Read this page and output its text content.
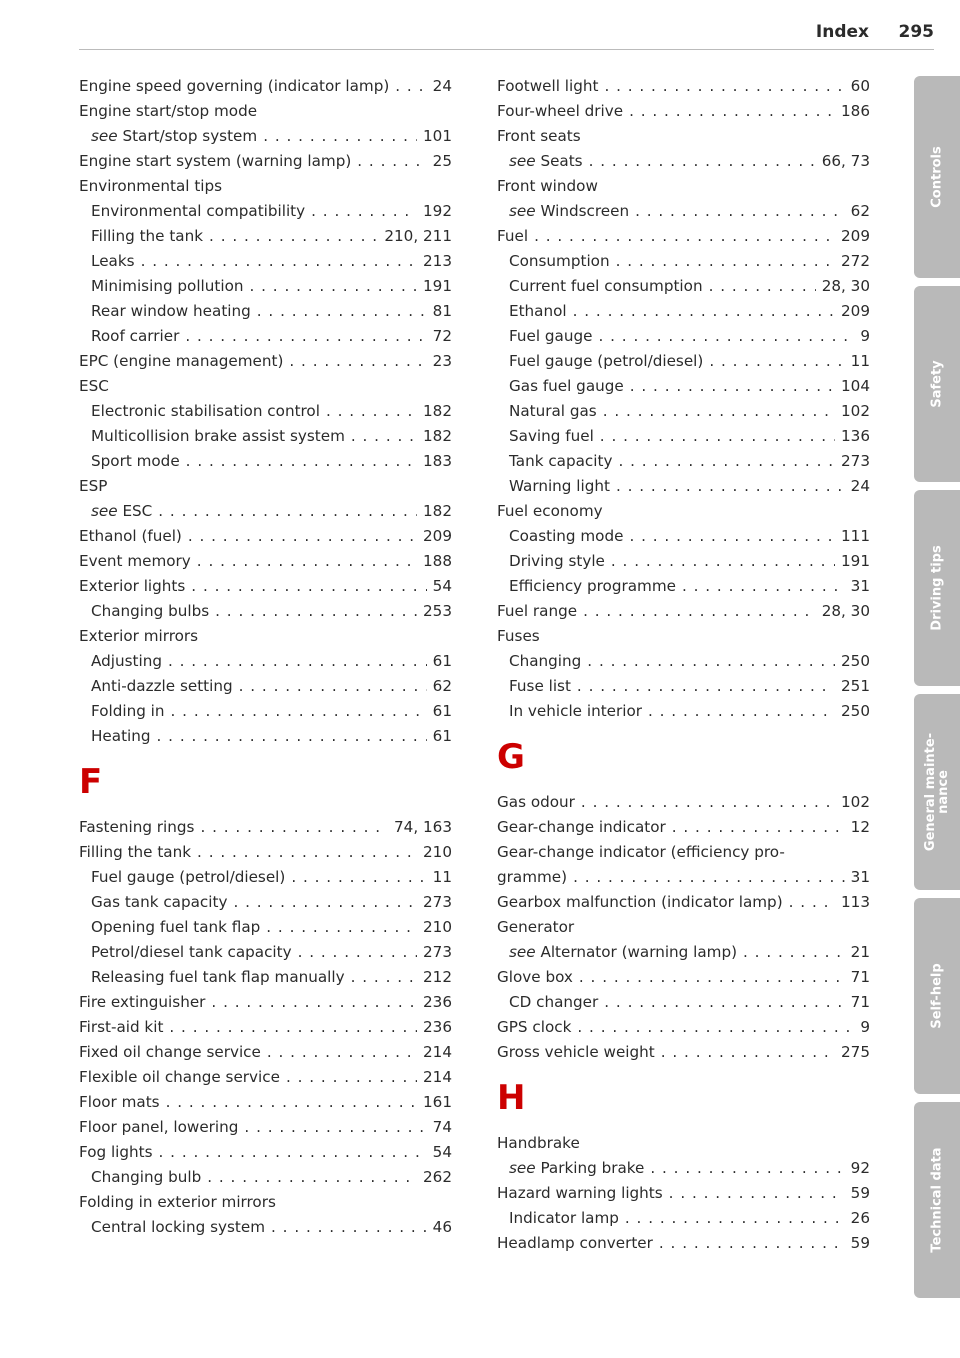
Index 295
Engine speed governing (indicator lamp) . . .	24
Engine start/stop mode
see Start/stop system . . .	101
Engine start system (warning lamp) . . .	25
Environmental tips
Environmental compatibility . . .	192
Filling the tank . . .	210, 211
Leaks . . .	213
Minimising pollution . . .	191
Rear window heating . . .	81
Roof carrier . . .	72
EPC (engine management) . . .	23
ESC
Electronic stabilisation control . . .	182
Multicollision brake assist system . . .	182
Sport mode . . .	183
ESP
see ESC . . .	182
Ethanol (fuel) . . .	209
Event memory . . .	188
Exterior lights . . .	54
Changing bulbs . . .	253
Exterior mirrors
Adjusting . . .	61
Anti-dazzle setting . . .	62
Folding in . . .	61
Heating . . .	61
F
Fastening rings . . .	74, 163
Filling the tank . . .	210
Fuel gauge (petrol/diesel) . . .	11
Gas tank capacity . . .	273
Opening fuel tank flap . . .	210
Petrol/diesel tank capacity . . .	273
Releasing fuel tank flap manually . . .	212
Fire extinguisher . . .	236
First-aid kit . . .	236
Fixed oil change service . . .	214
Flexible oil change service . . .	214
Floor mats . . .	161
Floor panel, lowering . . .	74
Fog lights . . .	54
Changing bulb . . .	262
Folding in exterior mirrors
Central locking system . . .	46
Footwell light . . .	60
Four-wheel drive . . .	186
Front seats
see Seats . . .	66, 73
Front window
see Windscreen . . .	62
Fuel . . .	209
Consumption . . .	272
Current fuel consumption . . .	28, 30
Ethanol . . .	209
Fuel gauge . . .	9
Fuel gauge (petrol/diesel) . . .	11
Gas fuel gauge . . .	104
Natural gas . . .	102
Saving fuel . . .	136
Tank capacity . . .	273
Warning light . . .	24
Fuel economy
Coasting mode . . .	111
Driving style . . .	191
Efficiency programme . . .	31
Fuel range . . .	28, 30
Fuses
Changing . . .	250
Fuse list . . .	251
In vehicle interior . . .	250
G
Gas odour . . .	102
Gear-change indicator . . .	12
Gear-change indicator (efficiency pro-
gramme) . . .	31
Gearbox malfunction (indicator lamp) . . .	113
Generator
see Alternator (warning lamp) . . .	21
Glove box . . .	71
CD changer . . .	71
GPS clock . . .	9
Gross vehicle weight . . .	275
H
Handbrake
see Parking brake . . .	92
Hazard warning lights . . .	59
Indicator lamp . . .	26
Headlamp converter . . .	59
Controls
Safety
Driving tips
General mainte-
nance
Self-help
Technical data
